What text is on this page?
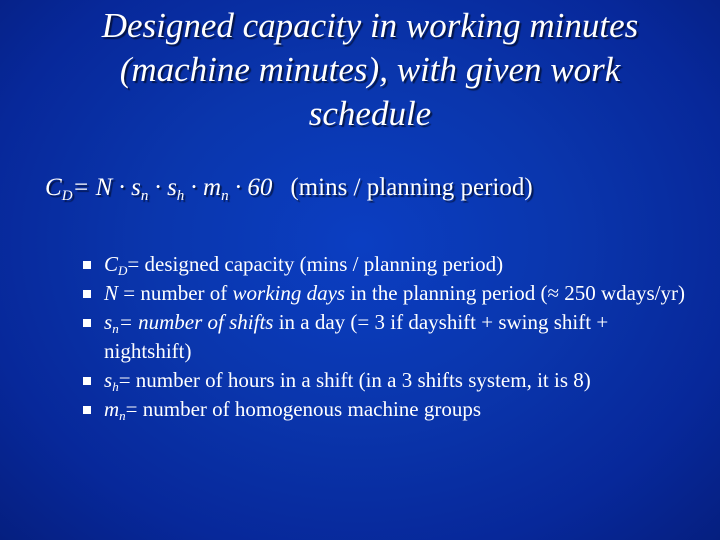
Designed capacity in working minutes
(machine minutes), with given work
schedule
$C_D= N \cdot s_n \cdot s_h \cdot m_n \cdot 60$ (mins / planning period)
$C_D=$ designed capacity (mins / planning period)
N = number of working days in the planning period (≈ 250 wdays/yr)
$s_n=$ number of shifts in a day (= 3 if dayshift + swing shift + nightshift)
$s_h=$ number of hours in a shift (in a 3 shifts system, it is 8)
$m_n=$ number of homogenous machine groups
